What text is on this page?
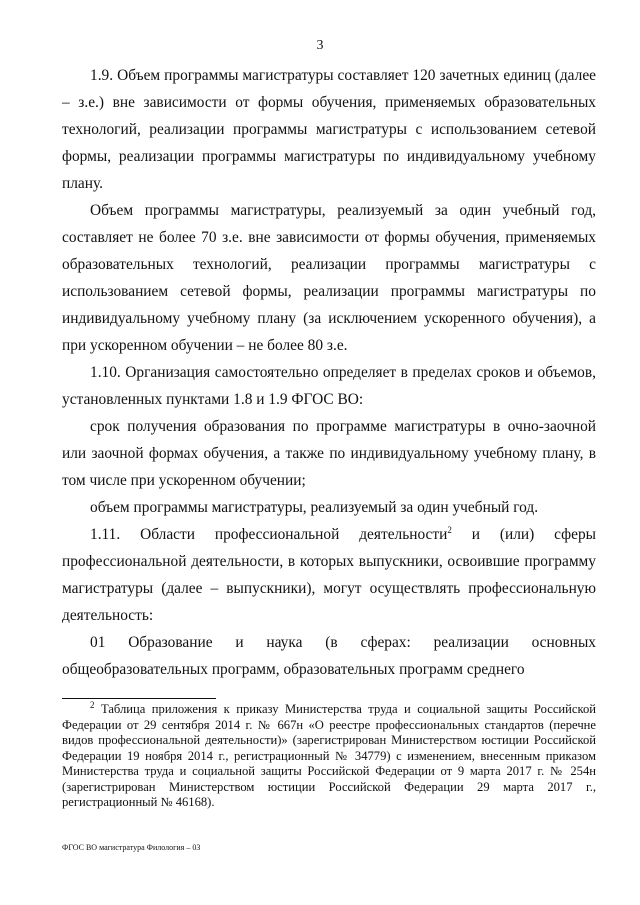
3

1.9. Объем программы магистратуры составляет 120 зачетных единиц (далее – з.е.) вне зависимости от формы обучения, применяемых образовательных технологий, реализации программы магистратуры с использованием сетевой формы, реализации программы магистратуры по индивидуальному учебному плану.

Объем программы магистратуры, реализуемый за один учебный год, составляет не более 70 з.е. вне зависимости от формы обучения, применяемых образовательных технологий, реализации программы магистратуры с использованием сетевой формы, реализации программы магистратуры по индивидуальному учебному плану (за исключением ускоренного обучения), а при ускоренном обучении – не более 80 з.е.

1.10. Организация самостоятельно определяет в пределах сроков и объемов, установленных пунктами 1.8 и 1.9 ФГОС ВО:

срок получения образования по программе магистратуры в очно-заочной или заочной формах обучения, а также по индивидуальному учебному плану, в том числе при ускоренном обучении;

объем программы магистратуры, реализуемый за один учебный год.

1.11. Области профессиональной деятельности$^2$ и (или) сферы профессиональной деятельности, в которых выпускники, освоившие программу магистратуры (далее – выпускники), могут осуществлять профессиональную деятельность:

01 Образование и наука (в сферах: реализации основных общеобразовательных программ, образовательных программ среднего

$^2$ Таблица приложения к приказу Министерства труда и социальной защиты Российской Федерации от 29 сентября 2014 г. № 667н «О реестре профессиональных стандартов (перечне видов профессиональной деятельности)» (зарегистрирован Министерством юстиции Российской Федерации 19 ноября 2014 г., регистрационный № 34779) с изменением, внесенным приказом Министерства труда и социальной защиты Российской Федерации от 9 марта 2017 г. № 254н (зарегистрирован Министерством юстиции Российской Федерации 29 марта 2017 г., регистрационный № 46168).
ФГОС ВО магистратура Филология – 03
